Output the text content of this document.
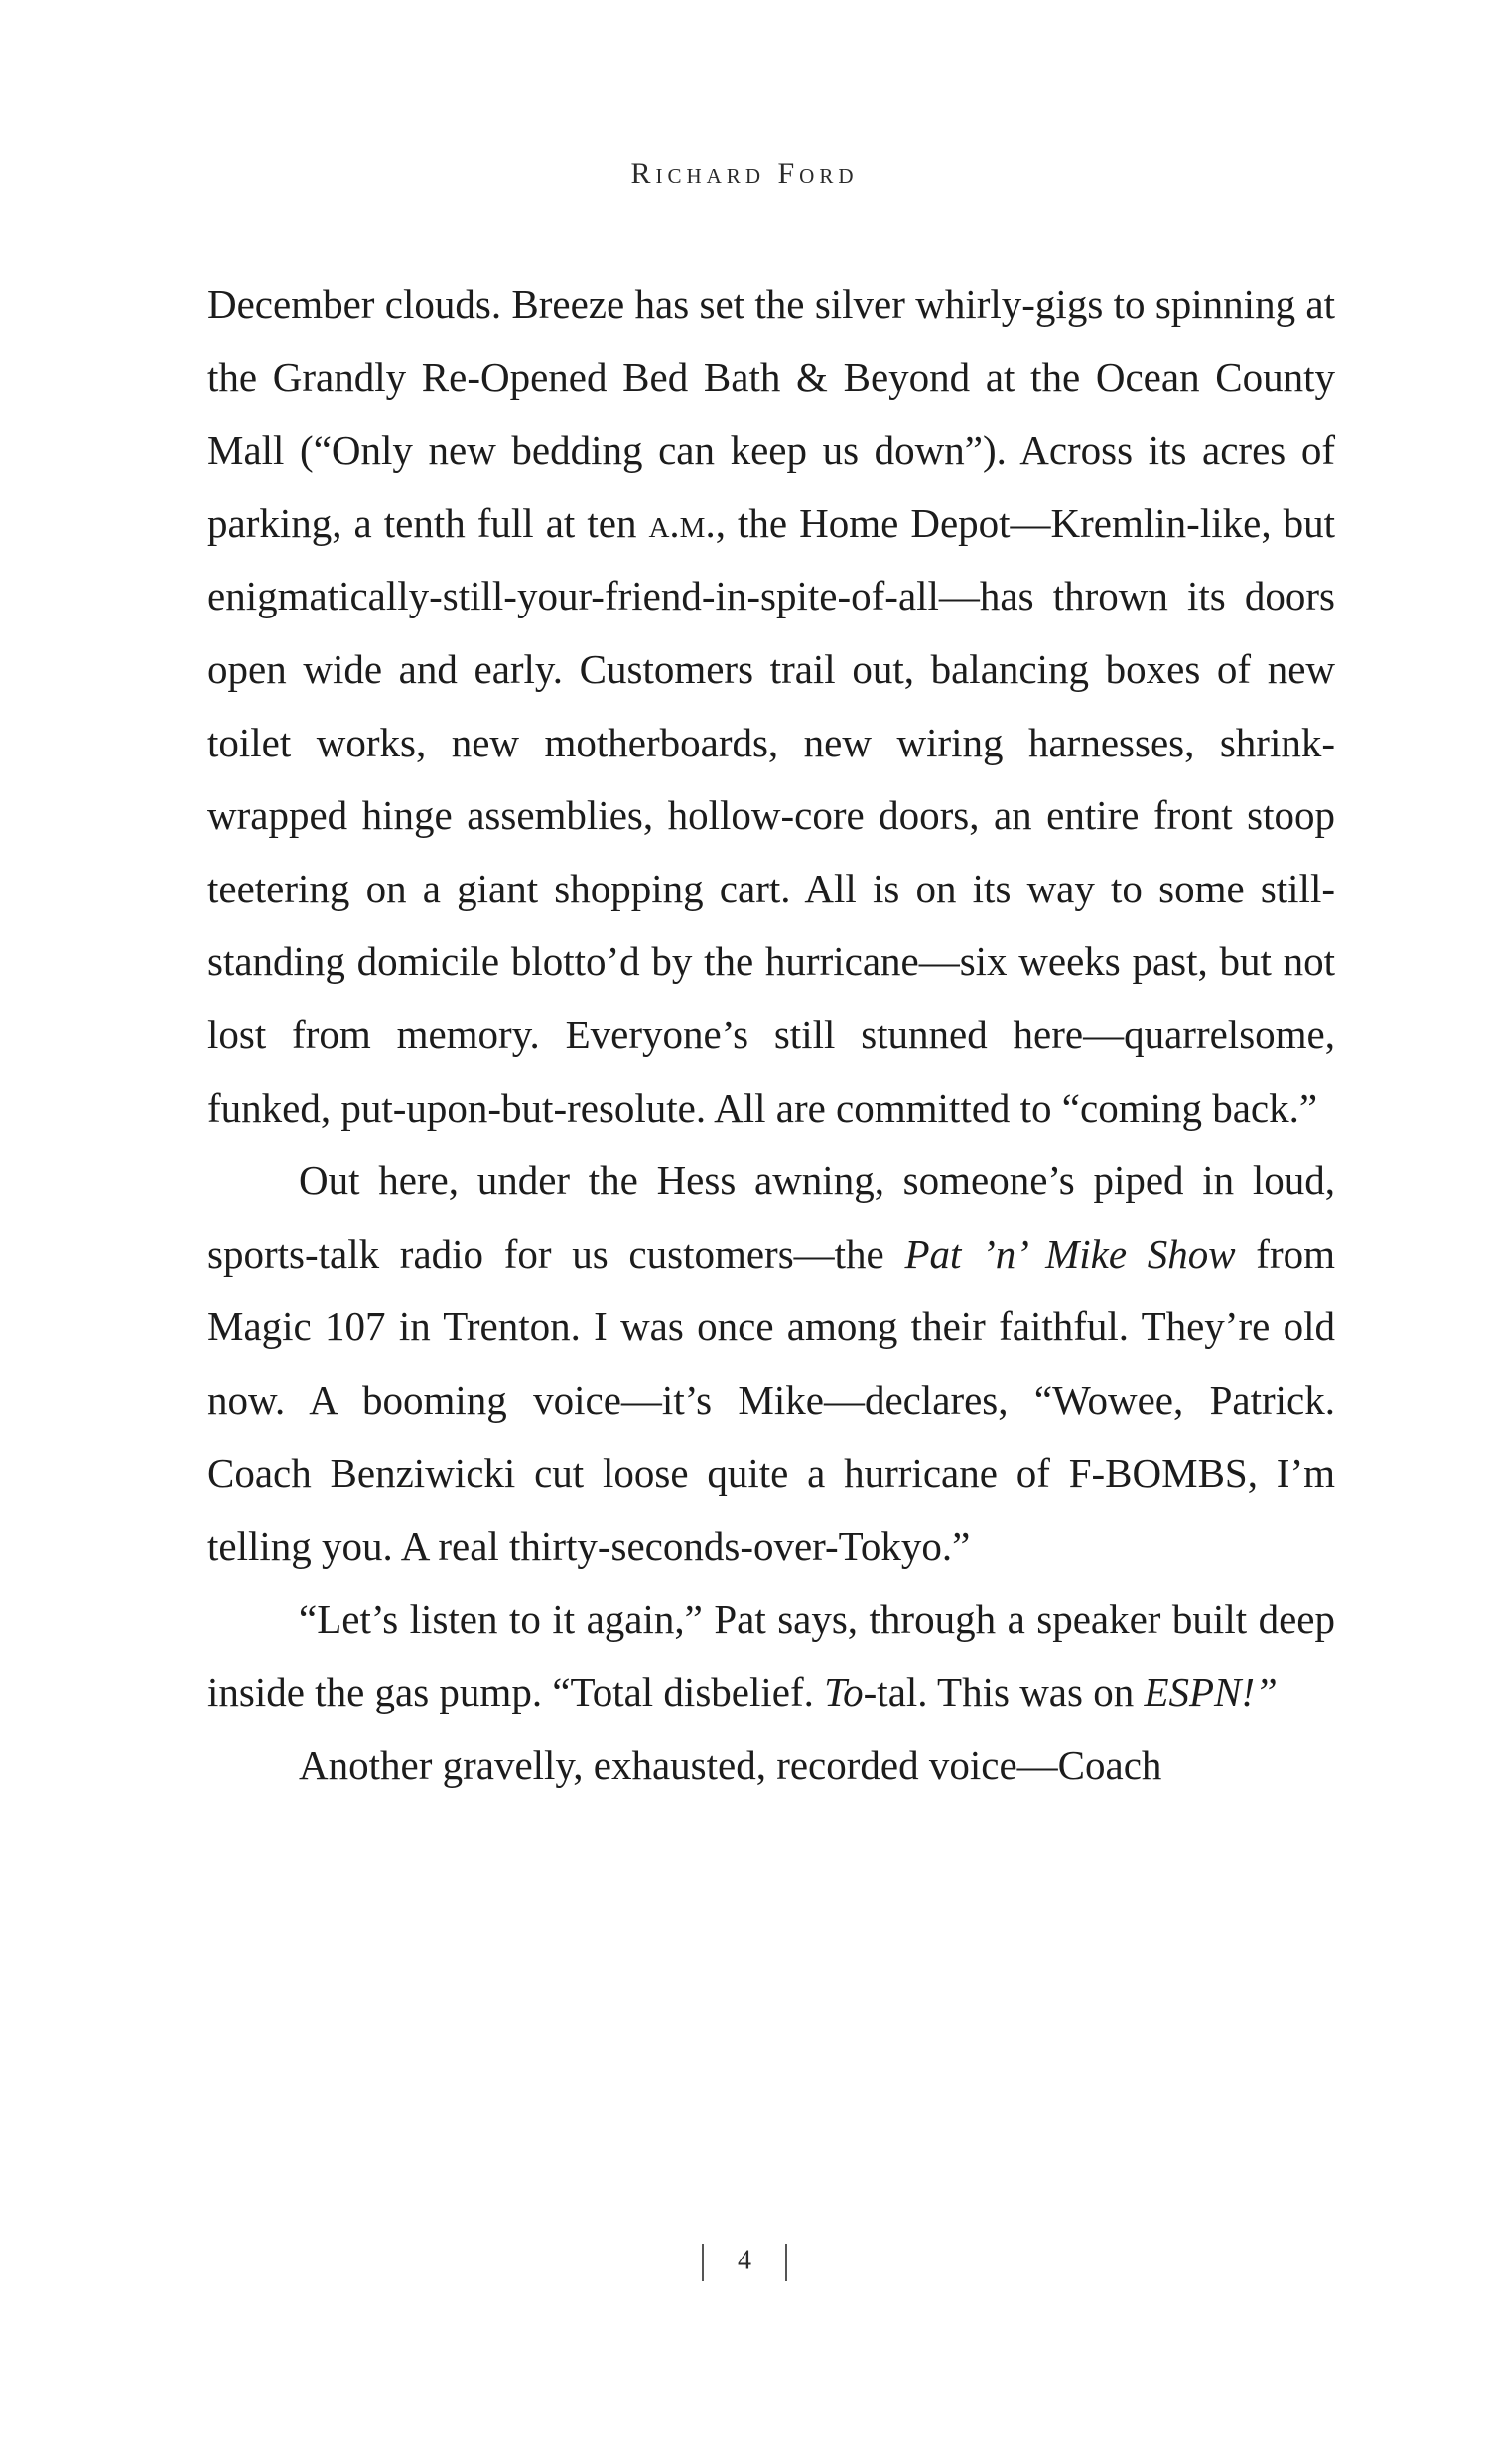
Richard Ford

December clouds. Breeze has set the silver whirly-gigs to spinning at the Grandly Re-Opened Bed Bath & Beyond at the Ocean County Mall (“Only new bedding can keep us down”). Across its acres of parking, a tenth full at ten a.m., the Home Depot—Kremlin-like, but enigmatically-still-your-friend-in-spite-of-all—has thrown its doors open wide and early. Customers trail out, balancing boxes of new toilet works, new motherboards, new wiring harnesses, shrink-wrapped hinge assemblies, hollow-core doors, an entire front stoop teetering on a giant shopping cart. All is on its way to some still-standing domicile blotto’d by the hurricane—six weeks past, but not lost from memory. Everyone’s still stunned here—quarrelsome, funked, put-upon-but-resolute. All are committed to “coming back.”

Out here, under the Hess awning, someone’s piped in loud, sports-talk radio for us customers—the Pat ’n’ Mike Show from Magic 107 in Trenton. I was once among their faithful. They’re old now. A booming voice—it’s Mike—declares, “Wowee, Patrick. Coach Benziwicki cut loose quite a hurricane of F-BOMBS, I’m telling you. A real thirty-seconds-over-Tokyo.”

“Let’s listen to it again,” Pat says, through a speaker built deep inside the gas pump. “Total disbelief. To-tal. This was on ESPN!”

Another gravelly, exhausted, recorded voice—Coach

4
